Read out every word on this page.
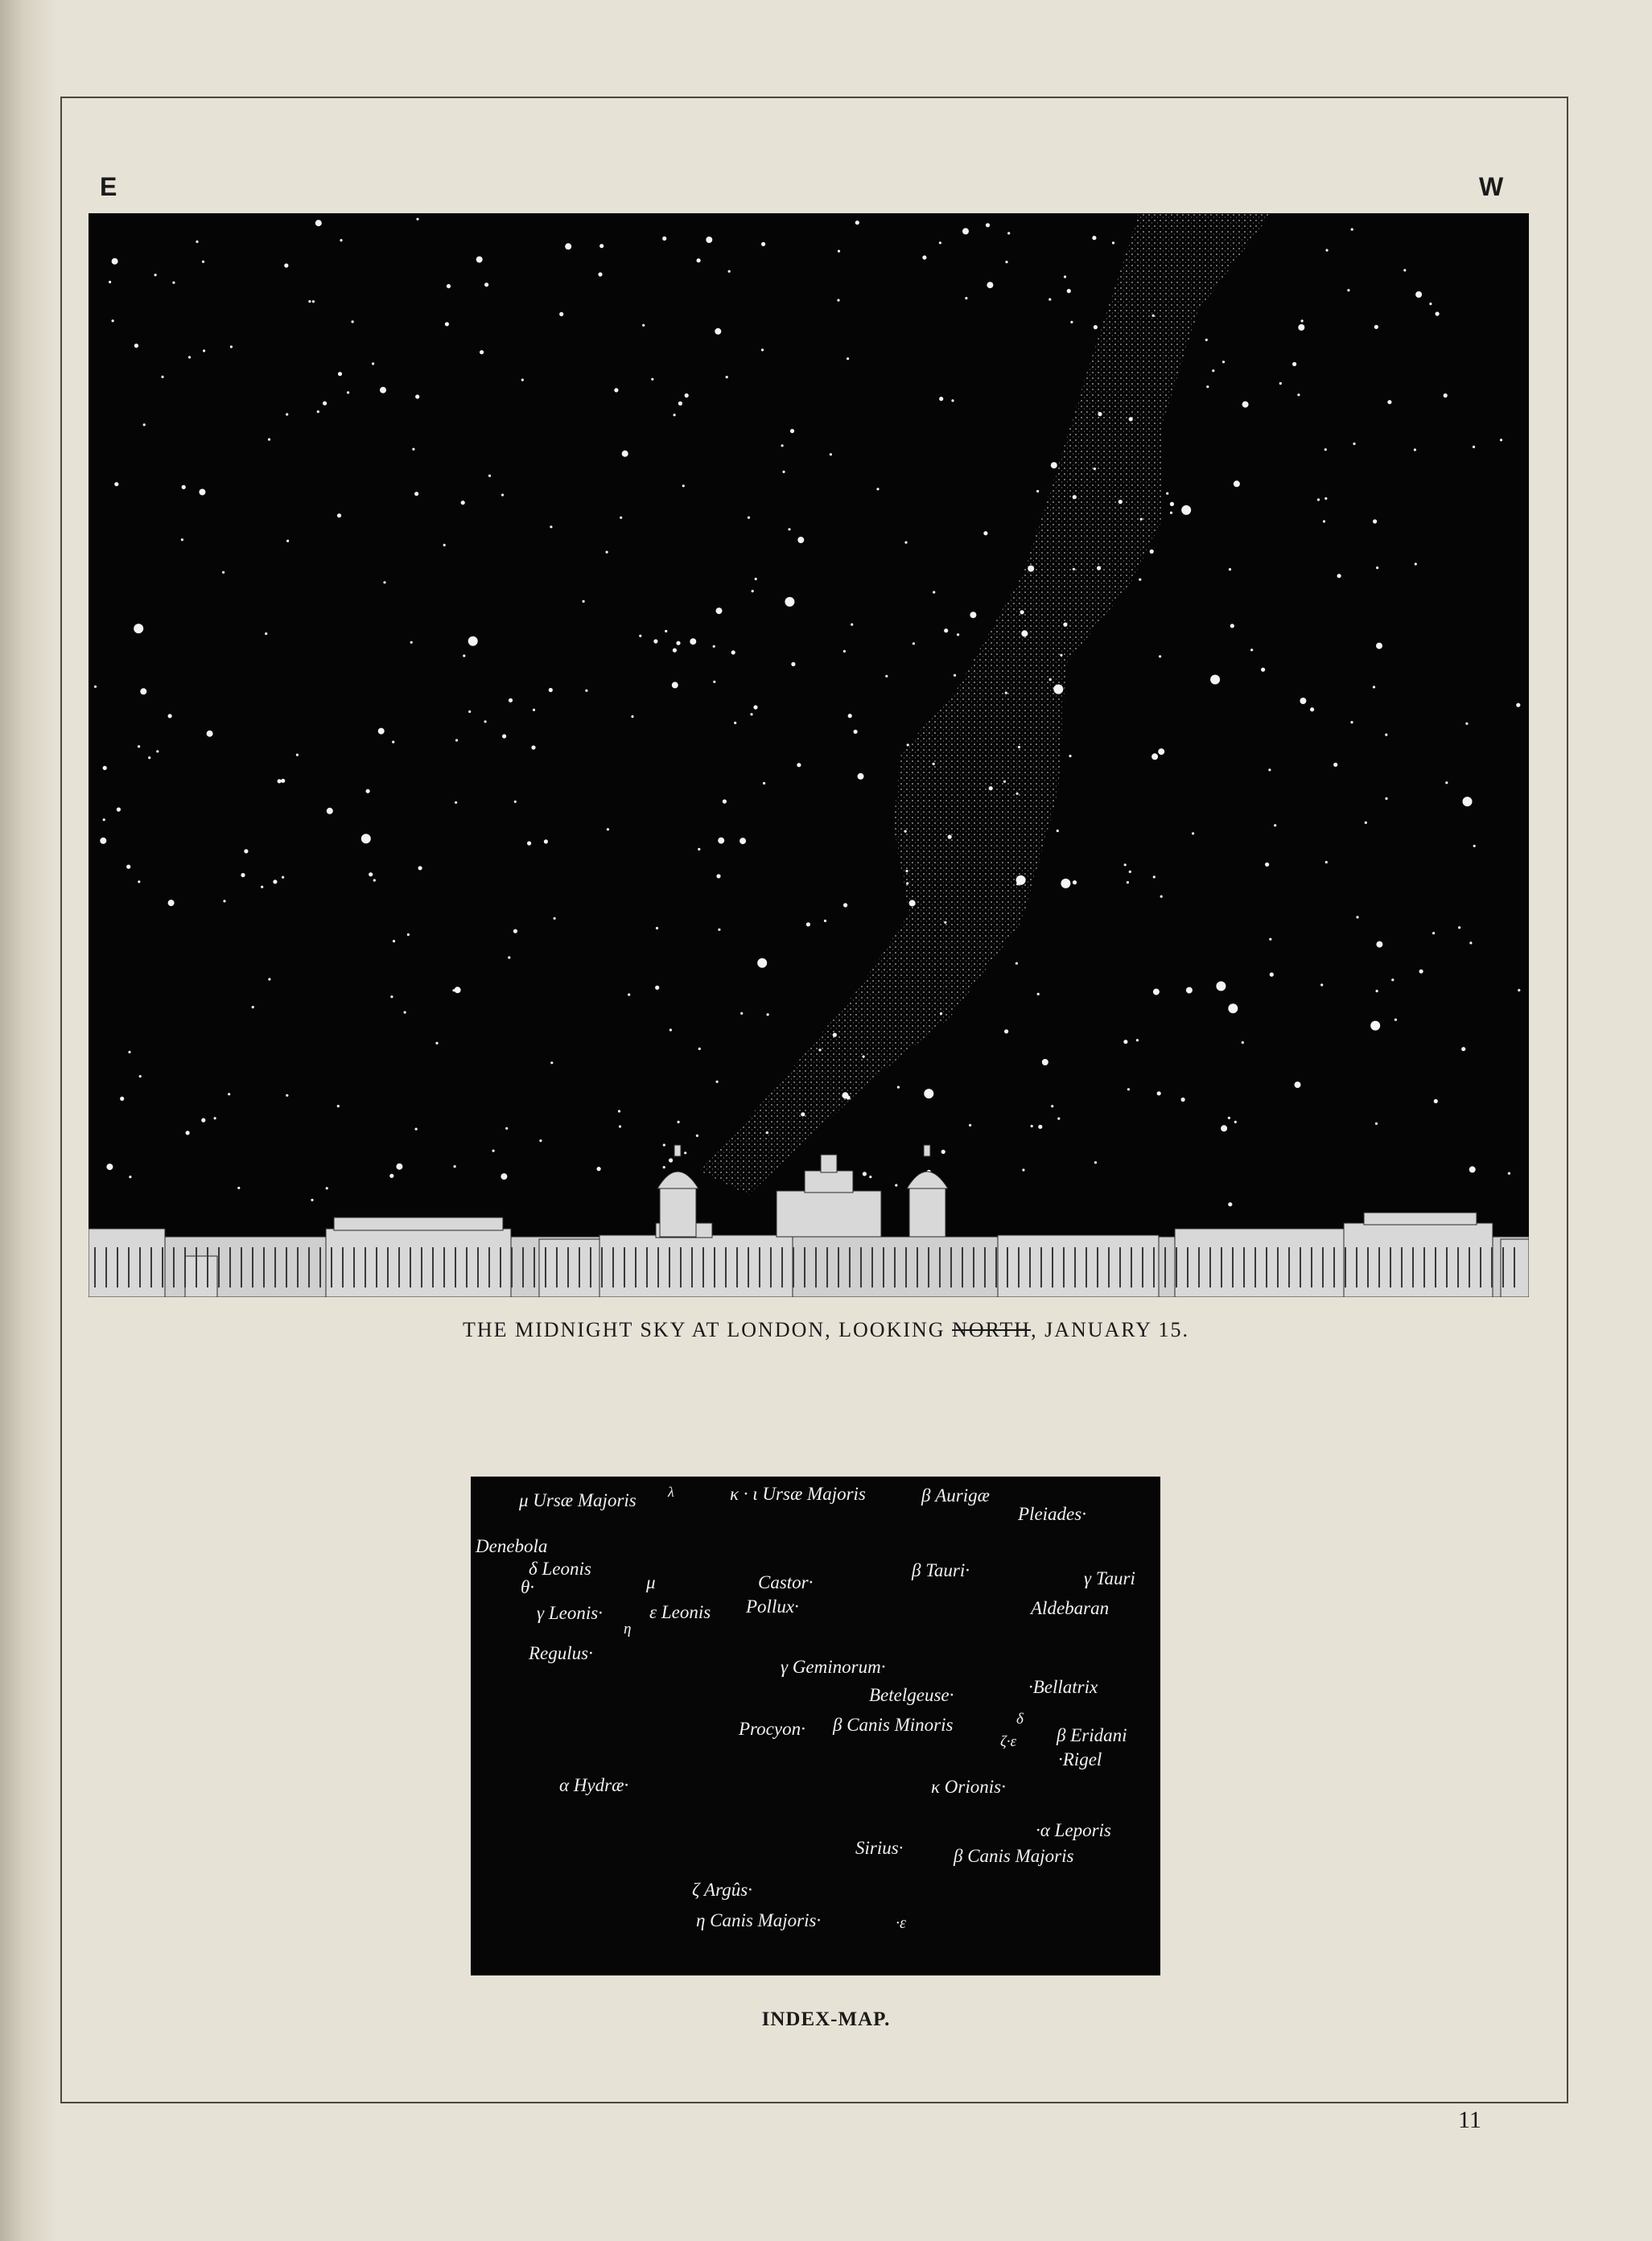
E	W
THE MIDNIGHT SKY AT LONDON, LOOKING NORTH, JANUARY 15.
μ Ursæ Majoris λ	κ · ι Ursæ Majoris	β Aurigæ
Pleiades·
Denebola
δ Leonis
θ·	μ	Castor·
β Tauri·	γ Tauri
γ Leonis·	ε Leonis Pollux·	Aldebaran
η
Regulus·
γ Geminorum·
Betelgeuse·	·Bellatrix
Procyon· β Canis Minoris	δ
ζ·ε β Eridani
·Rigel
α Hydræ·	κ Orionis·
·α Leporis
Sirius·	β Canis Majoris
ζ Argûs·
η Canis Majoris·	·ε
INDEX-MAP.
11
